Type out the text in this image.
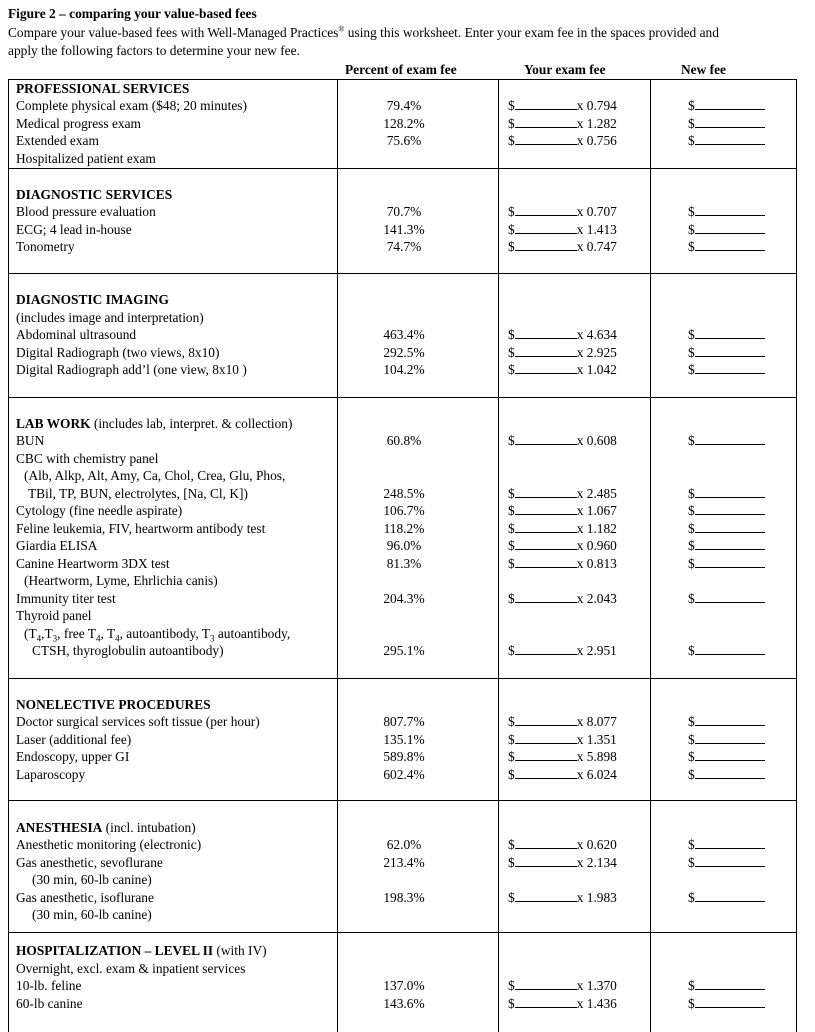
Figure 2 – comparing your value-based fees
Compare your value-based fees with Well-Managed Practices® using this worksheet. Enter your exam fee in the spaces provided and
apply the following factors to determine your new fee.
Percent of exam fee	Your exam fee	New fee
PROFESSIONAL SERVICES
Complete physical exam ($48; 20 minutes)	79.4%	$	x 0.794	$
Medical progress exam	128.2%	$	x 1.282	$
Extended exam	75.6%	$	x 0.756	$
Hospitalized patient exam
DIAGNOSTIC SERVICES
Blood pressure evaluation	70.7%	$	x 0.707	$
ECG; 4 lead in-house	141.3%	$	x 1.413	$
Tonometry	74.7%	$	x 0.747	$
DIAGNOSTIC IMAGING
(includes image and interpretation)
Abdominal ultrasound	463.4%	$	x 4.634	$
Digital Radiograph (two views, 8x10)	292.5%	$	x 2.925	$
Digital Radiograph add’l (one view, 8x10 )	104.2%	$	x 1.042	$
LAB WORK (includes lab, interpret. & collection)
BUN	60.8%	$	x 0.608	$
CBC with chemistry panel
(Alb, Alkp, Alt, Amy, Ca, Chol, Crea, Glu, Phos,
TBil, TP, BUN, electrolytes, [Na, Cl, K])	248.5%	$	x 2.485	$
Cytology (fine needle aspirate)	106.7%	$	x 1.067	$
Feline leukemia, FIV, heartworm antibody test	118.2%	$	x 1.182	$
Giardia ELISA	96.0%	$	x 0.960	$
Canine Heartworm 3DX test	81.3%	$	x 0.813	$
(Heartworm, Lyme, Ehrlichia canis)
Immunity titer test	204.3%	$	x 2.043	$
Thyroid panel
($T_4,T_3$, free $T_4$, $T_4$, autoantibody, $T_3$ autoantibody,
CTSH, thyroglobulin autoantibody)	295.1%	$	x 2.951	$
NONELECTIVE PROCEDURES
Doctor surgical services soft tissue (per hour)	807.7%	$	x 8.077	$
Laser (additional fee)	135.1%	$	x 1.351	$
Endoscopy, upper GI	589.8%	$	x 5.898	$
Laparoscopy	602.4%	$	x 6.024	$
ANESTHESIA (incl. intubation)
Anesthetic monitoring (electronic)	62.0%	$	x 0.620	$
Gas anesthetic, sevoflurane	213.4%	$	x 2.134	$
(30 min, 60-lb canine)
Gas anesthetic, isoflurane	198.3%	$	x 1.983	$
(30 min, 60-lb canine)
HOSPITALIZATION – LEVEL II (with IV)
Overnight, excl. exam & inpatient services
10-lb. feline	137.0%	$	x 1.370	$
60-lb canine	143.6%	$	x 1.436	$
